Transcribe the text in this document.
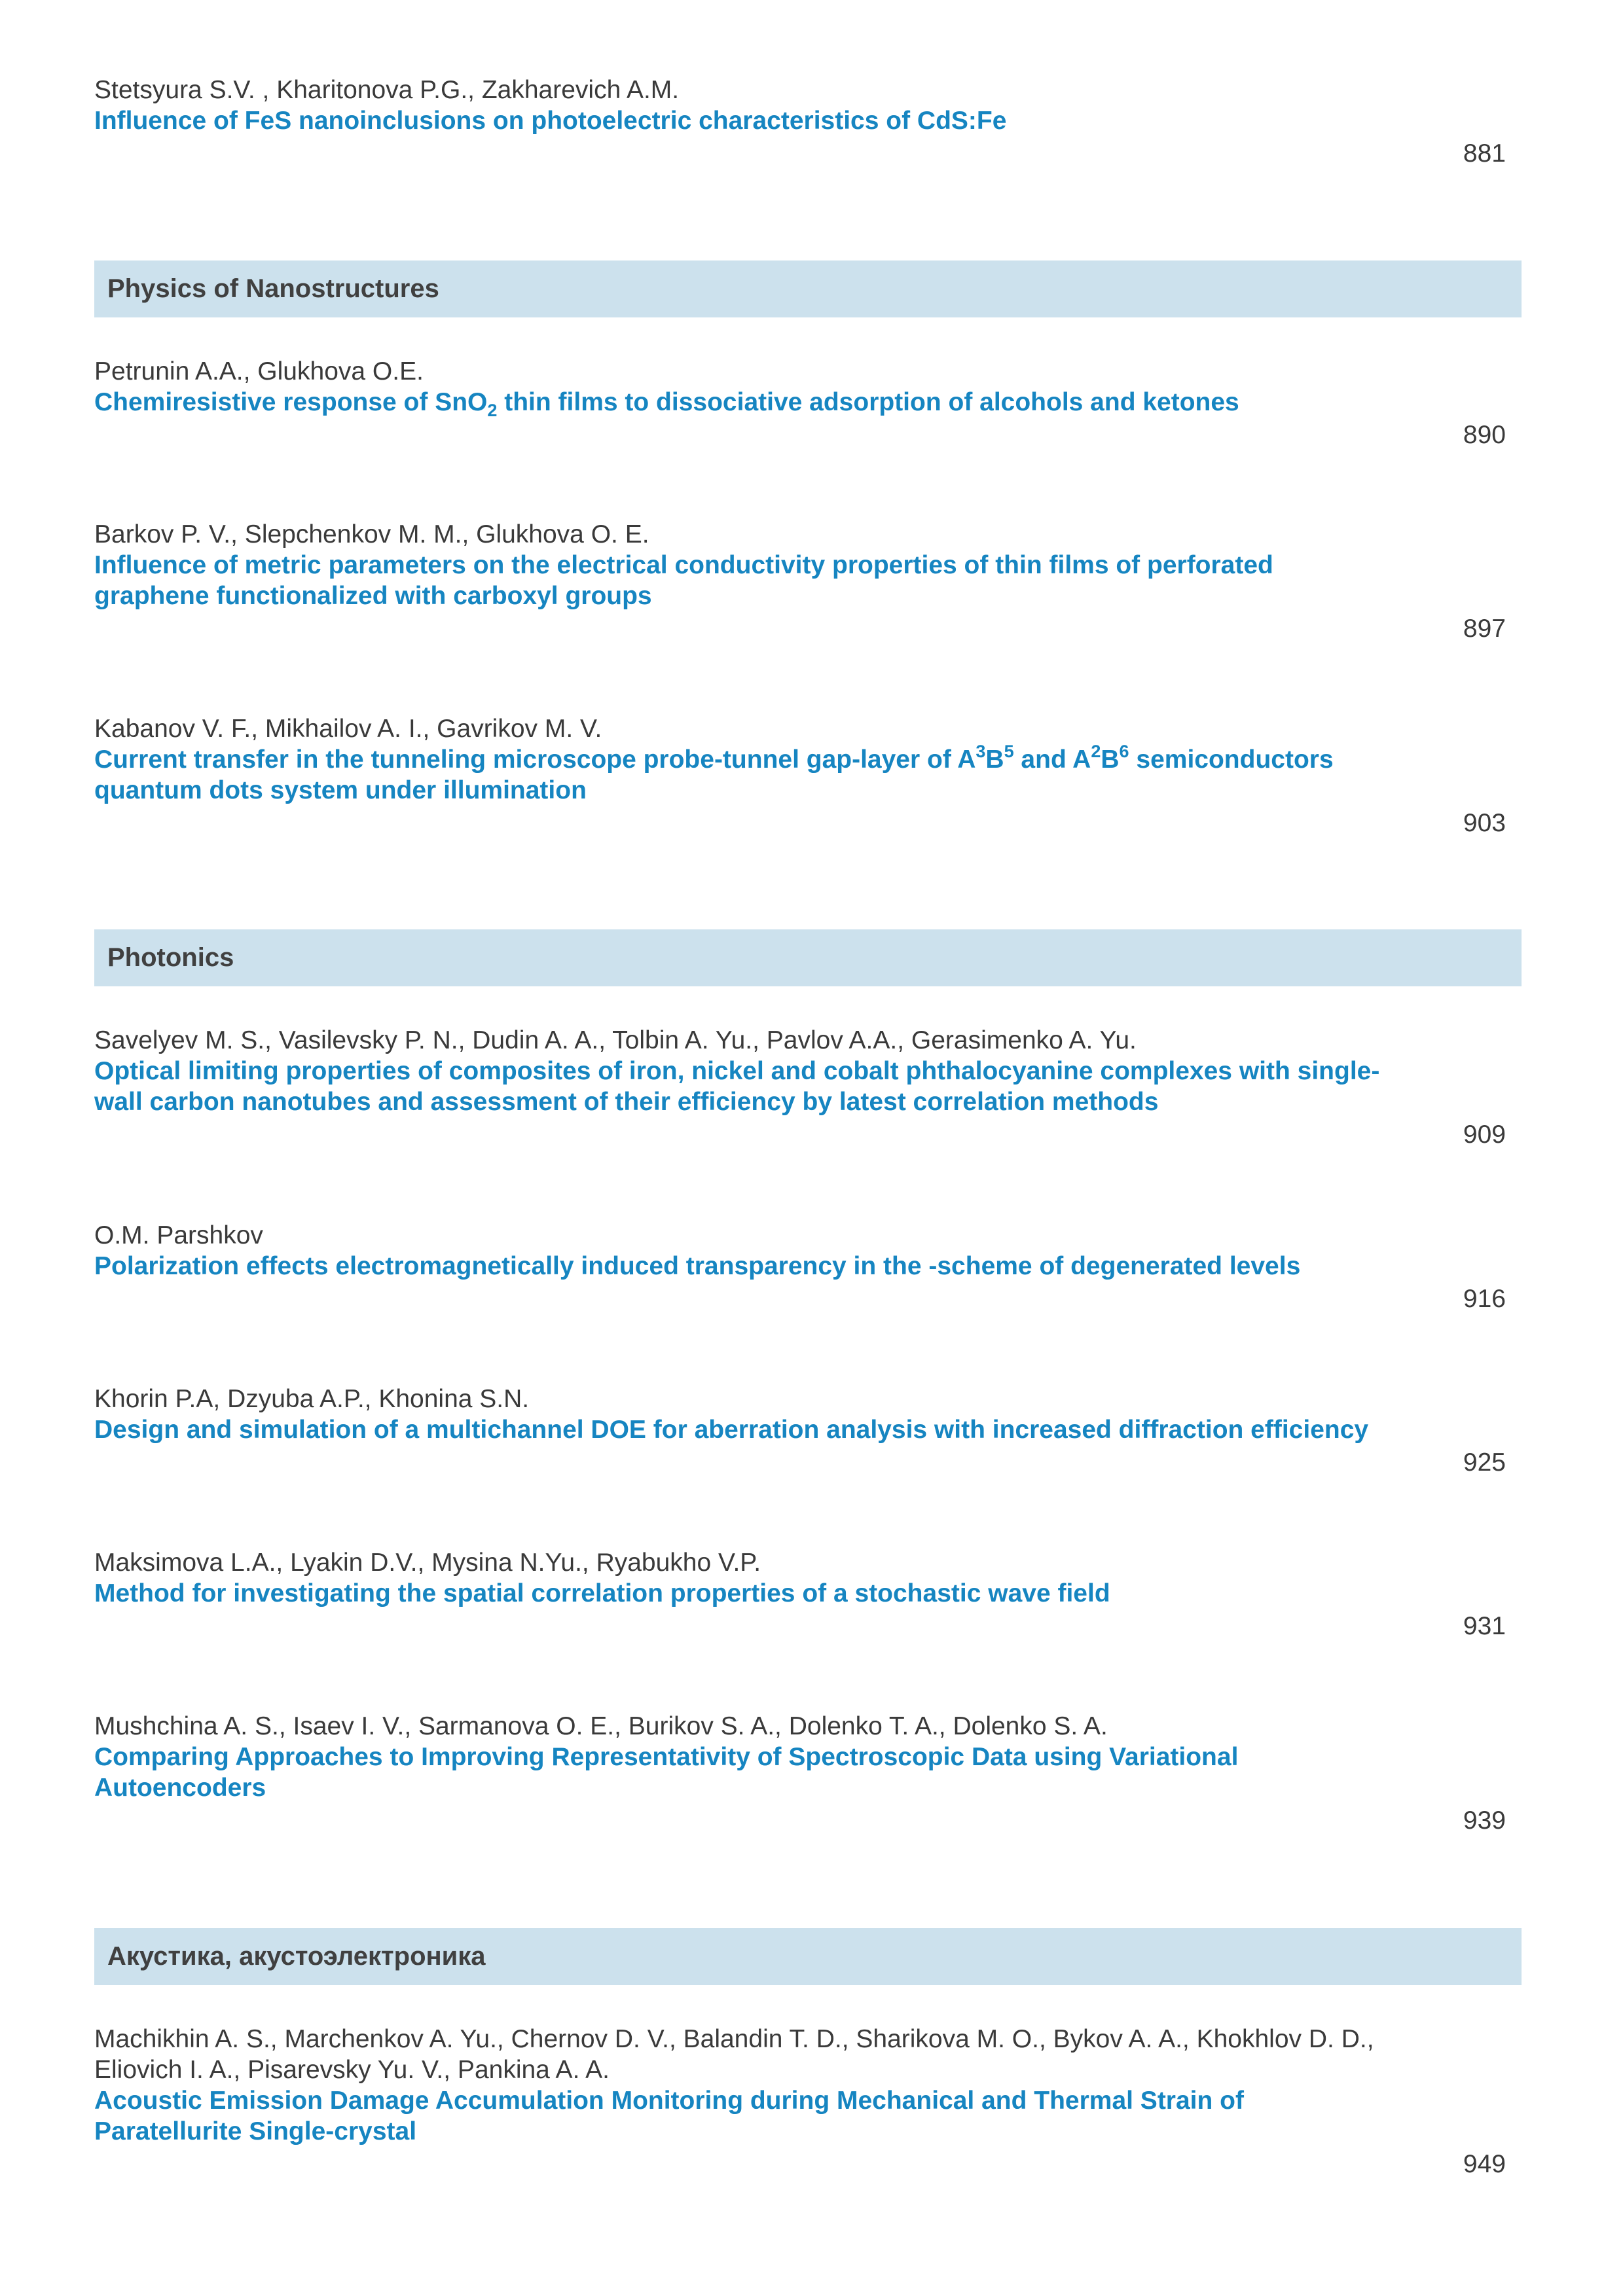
Stetsyura S.V. , Kharitonova P.G., Zakharevich A.M.
Influence of FeS nanoinclusions on photoelectric characteristics of CdS:Fe
881
Physics of Nanostructures
Petrunin A.A., Glukhova O.E.
Chemiresistive response of SnO$_2$ thin films to dissociative adsorption of alcohols and ketones
890
Barkov P. V., Slepchenkov M. M., Glukhova O. E.
Influence of metric parameters on the electrical conductivity properties of thin films of perforated
graphene functionalized with carboxyl groups
897
Kabanov V. F., Mikhailov A. I., Gavrikov M. V.
Current transfer in the tunneling microscope probe-tunnel gap-layer of $A^3B^5$ and $A^2B^6$ semiconductors
quantum dots system under illumination
903
Photonics
Savelyev M. S., Vasilevsky P. N., Dudin A. A., Tolbin A. Yu., Pavlov A.A., Gerasimenko A. Yu.
Optical limiting properties of composites of iron, nickel and cobalt phthalocyanine complexes with single-
wall carbon nanotubes and assessment of their efficiency by latest correlation methods
909
O.M. Parshkov
Polarization effects electromagnetically induced transparency in the -scheme of degenerated levels
916
Khorin P.A, Dzyuba A.P., Khonina S.N.
Design and simulation of a multichannel DOE for aberration analysis with increased diffraction efficiency
925
Maksimova L.A., Lyakin D.V., Mysina N.Yu., Ryabukho V.P.
Method for investigating the spatial correlation properties of a stochastic wave field
931
Mushchina A. S., Isaev I. V., Sarmanova O. E., Burikov S. A., Dolenko T. A., Dolenko S. A.
Comparing Approaches to Improving Representativity of Spectroscopic Data using Variational
Autoencoders
939
Акустика, акустоэлектроника
Machikhin A. S., Marchenkov A. Yu., Chernov D. V., Balandin T. D., Sharikova M. O., Bykov A. A., Khokhlov D. D.,
Eliovich I. A., Pisarevsky Yu. V., Pankina A. A.
Acoustic Emission Damage Accumulation Monitoring during Mechanical and Thermal Strain of
Paratellurite Single-crystal
949
